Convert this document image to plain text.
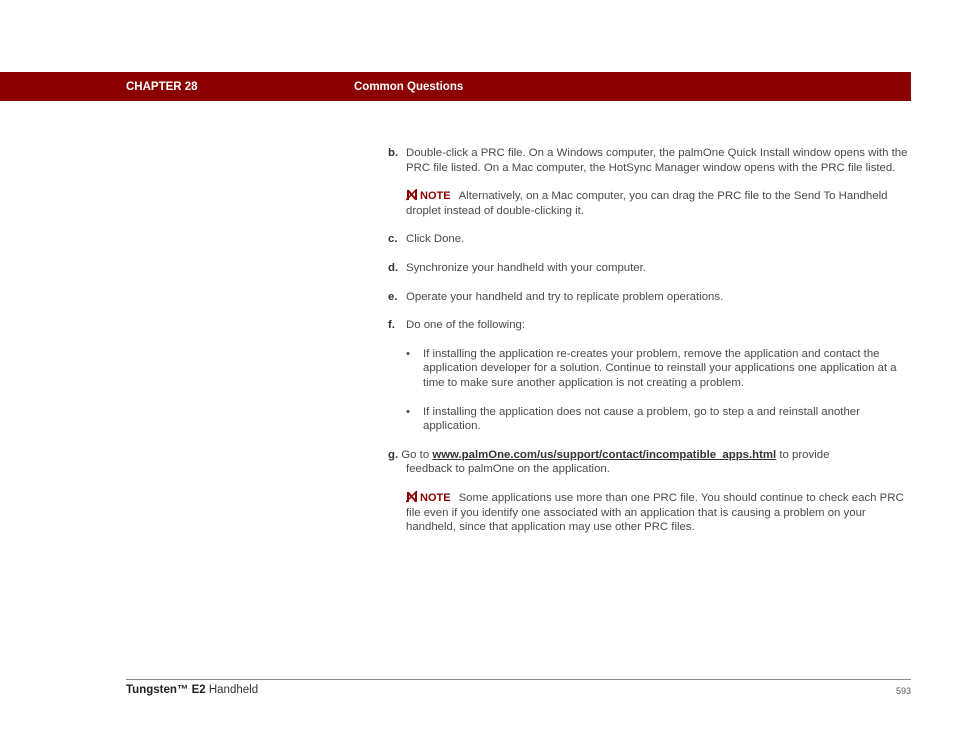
CHAPTER 28	Common Questions
b. Double-click a PRC file. On a Windows computer, the palmOne Quick Install window opens with the PRC file listed. On a Mac computer, the HotSync Manager window opens with the PRC file listed.
NOTE Alternatively, on a Mac computer, you can drag the PRC file to the Send To Handheld droplet instead of double-clicking it.
c. Click Done.
d. Synchronize your handheld with your computer.
e. Operate your handheld and try to replicate problem operations.
f. Do one of the following:
• If installing the application re-creates your problem, remove the application and contact the application developer for a solution. Continue to reinstall your applications one application at a time to make sure another application is not creating a problem.
• If installing the application does not cause a problem, go to step a and reinstall another application.
g. Go to www.palmOne.com/us/support/contact/incompatible_apps.html to provide
feedback to palmOne on the application.
NOTE Some applications use more than one PRC file. You should continue to check each PRC file even if you identify one associated with an application that is causing a problem on your handheld, since that application may use other PRC files.
Tungsten™ E2 Handheld	593
